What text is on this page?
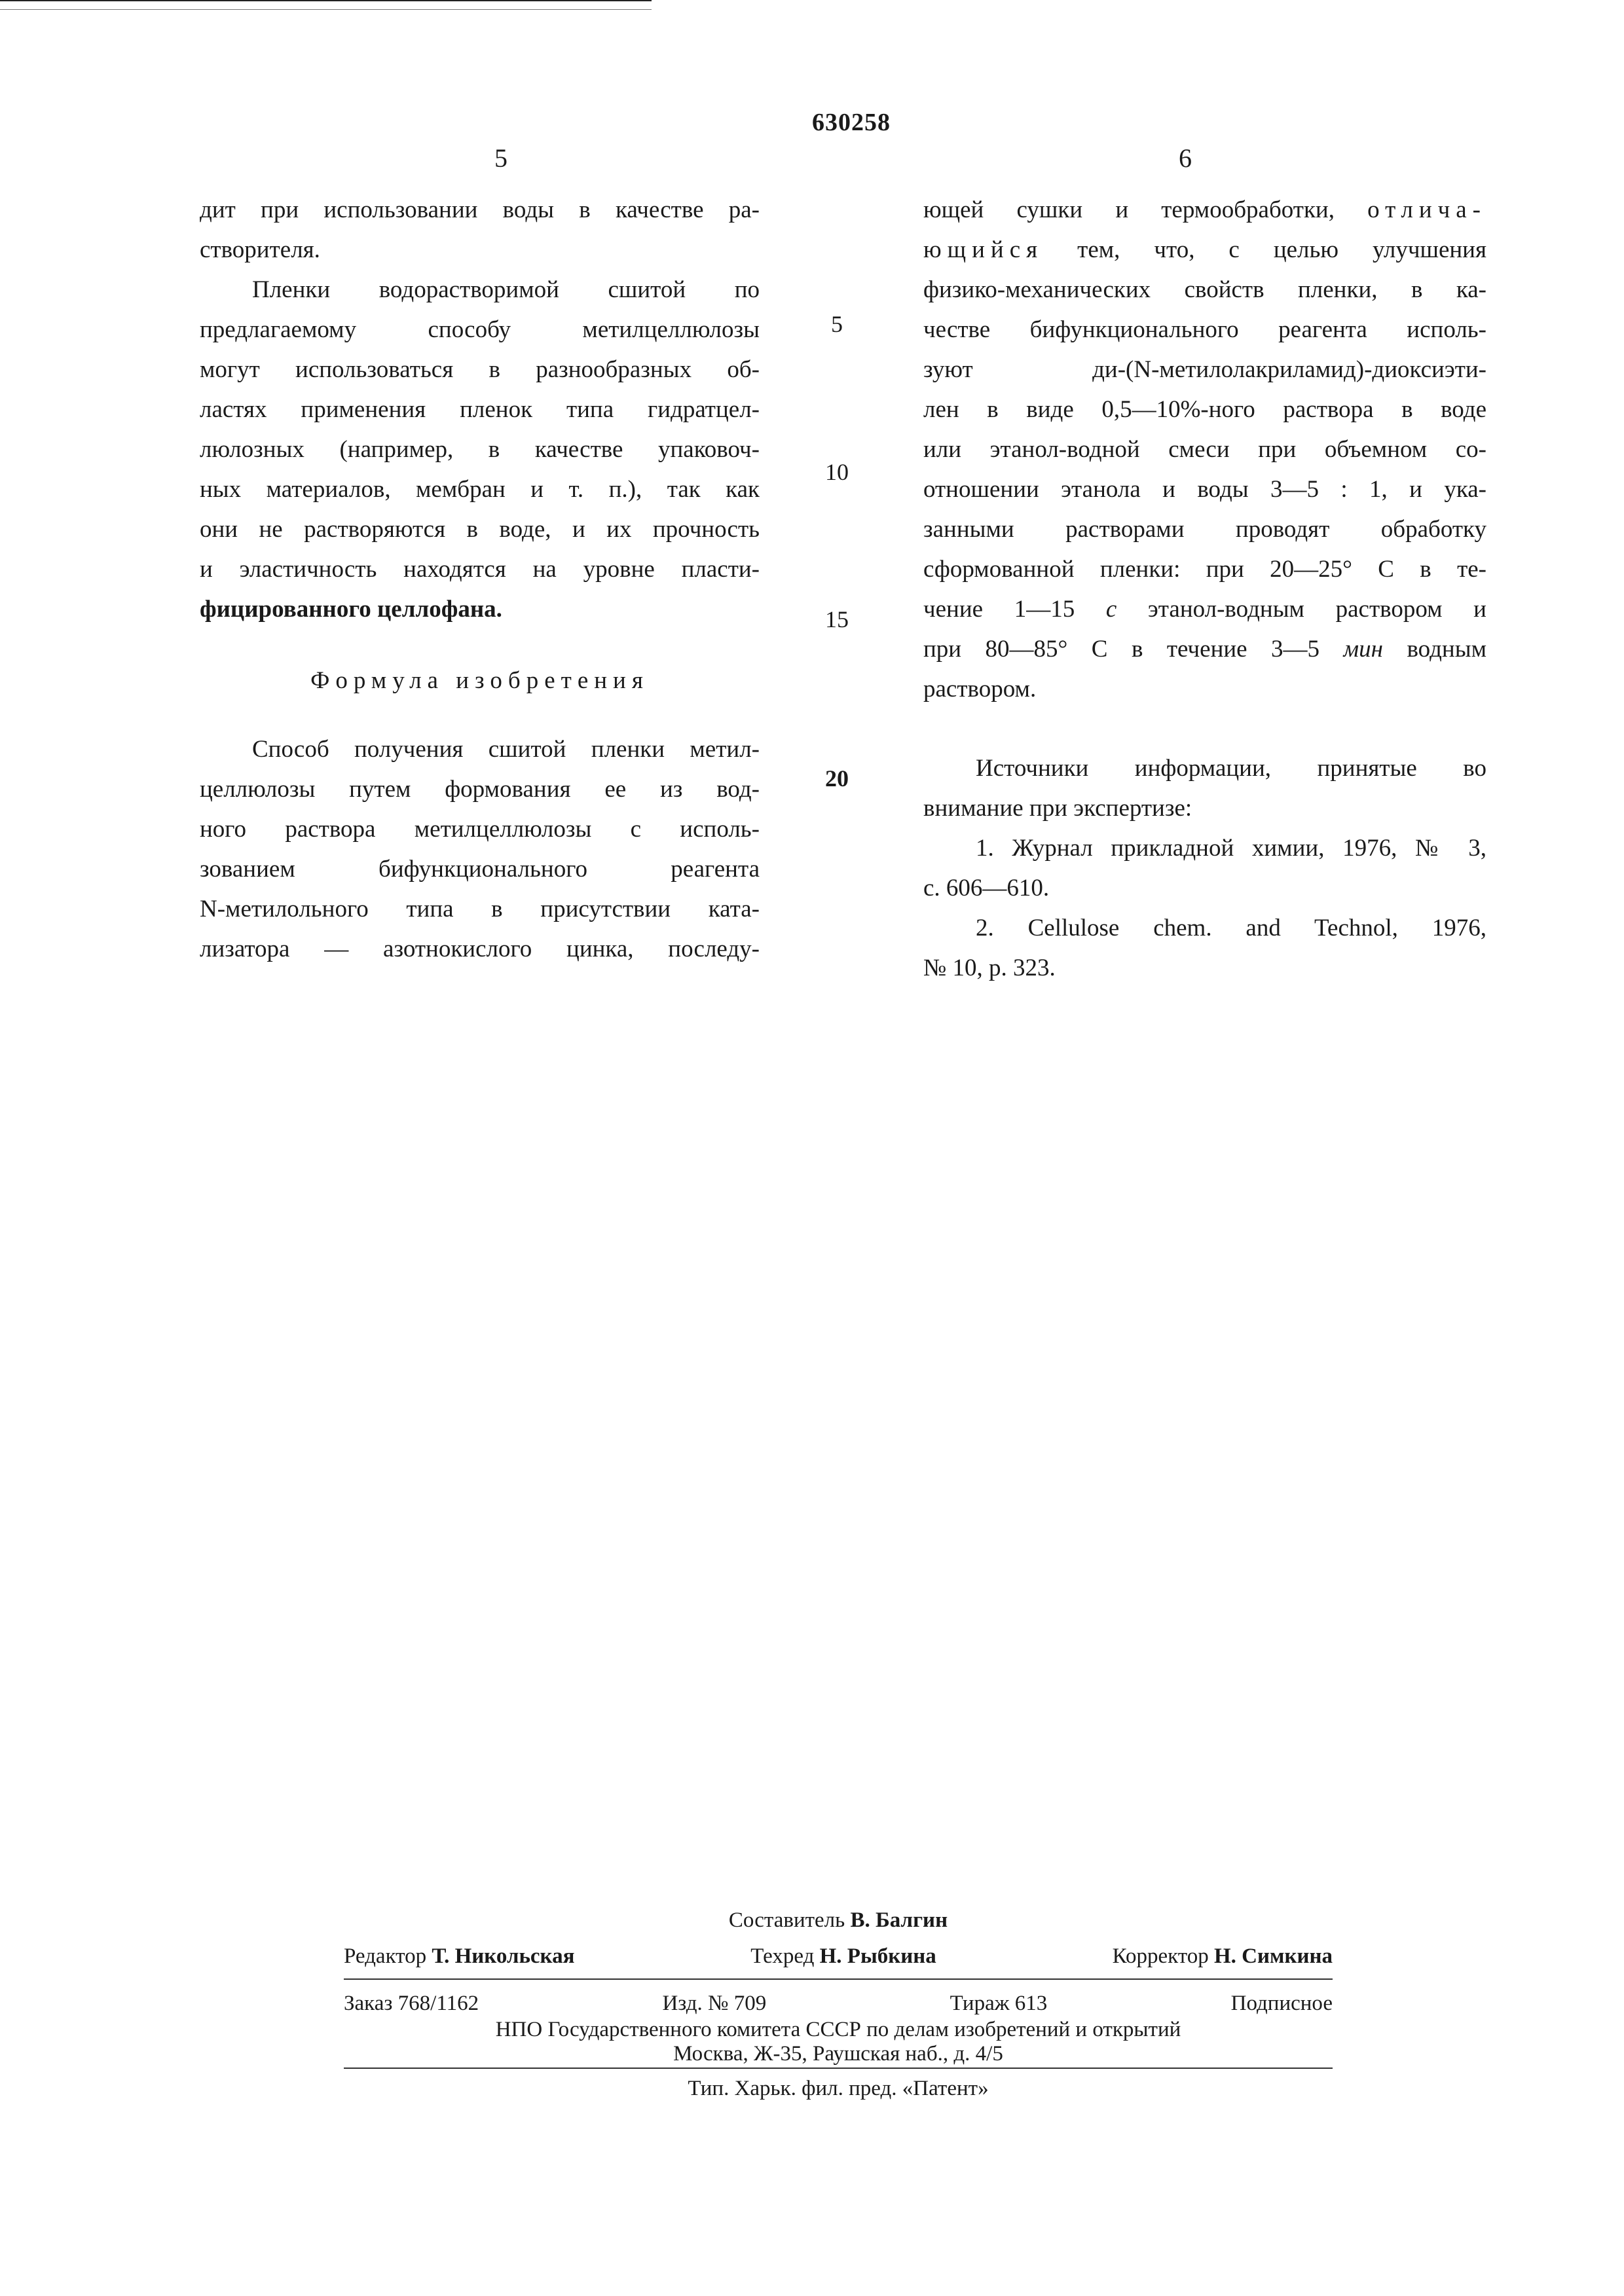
630258
5	6
дит при использовании воды в качестве ра-
створителя.
Пленки водорастворимой сшитой по
предлагаемому способу метилцеллюлозы
могут использоваться в разнообразных об-
ластях применения пленок типа гидратцел-
люлозных (например, в качестве упаковоч-
ных материалов, мембран и т. п.), так как
они не растворяются в воде, и их прочность
и эластичность находятся на уровне пласти-
фицированного целлофана.
Формула изобретения
Способ получения сшитой пленки метил-
целлюлозы путем формования ее из вод-
ного раствора метилцеллюлозы с исполь-
зованием бифункционального реагента
N-метилольного типа в присутствии ката-
лизатора — азотнокислого цинка, последу-
5
10
15
20
ющей сушки и термообработки, отлича-
ющийся тем, что, с целью улучшения
физико-механических свойств пленки, в ка-
честве бифункционального реагента исполь-
зуют ди-(N-метилолакриламид)-диоксиэти-
лен в виде 0,5—10%-ного раствора в воде
или этанол-водной смеси при объемном со-
отношении этанола и воды 3—5 : 1, и ука-
занными растворами проводят обработку
сформованной пленки: при 20—25° С в те-
чение 1—15 с этанол-водным раствором и
при 80—85° С в течение 3—5 мин водным
раствором.
Источники информации, принятые во
внимание при экспертизе:
1. Журнал прикладной химии, 1976, № 3,
с. 606—610.
2. Cellulose chem. and Technol, 1976,
№ 10, p. 323.
Составитель В. Балгин
Редактор Т. Никольская	Техред Н. Рыбкина	Корректор Н. Симкина
Заказ 768/1162	Изд. № 709	Тираж 613	Подписное
НПО Государственного комитета СССР по делам изобретений и открытий
Москва, Ж-35, Раушская наб., д. 4/5
Тип. Харьк. фил. пред. «Патент»
